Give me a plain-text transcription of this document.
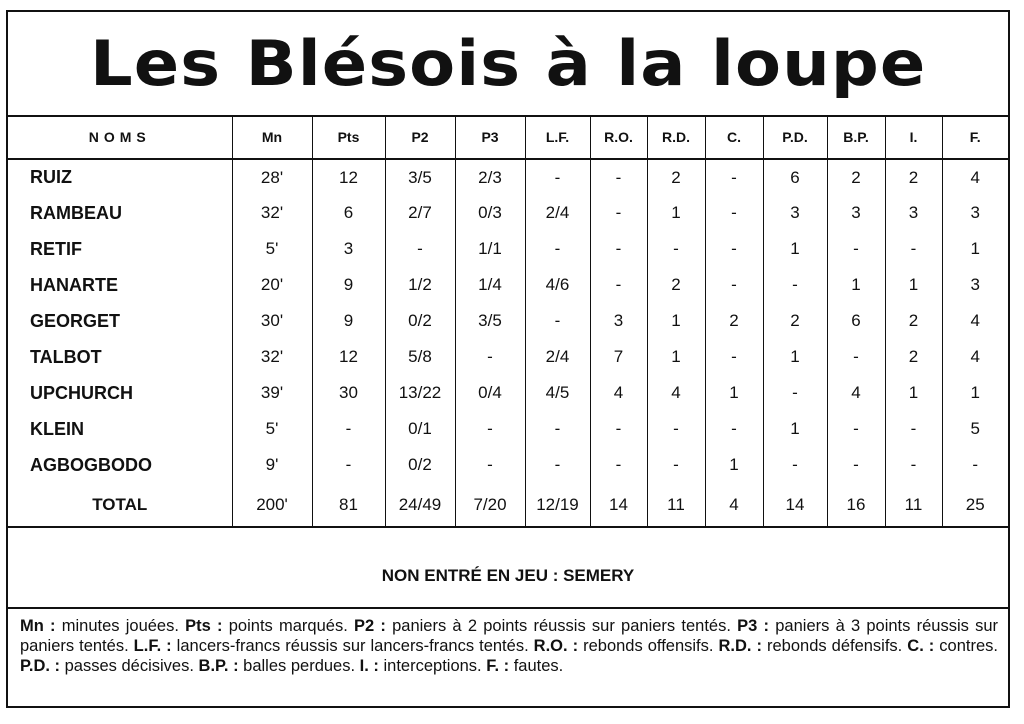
Les Blésois à la loupe
NOMS	Mn	Pts	P2	P3	L.F.	R.O.	R.D.	C.	P.D.	B.P.	I.	F.
RUIZ	28'	12	3/5	2/3	-	-	2	-	6	2	2	4
RAMBEAU	32'	6	2/7	0/3	2/4	-	1	-	3	3	3	3
RETIF	5'	3	-	1/1	-	-	-	-	1	-	-	1
HANARTE	20'	9	1/2	1/4	4/6	-	2	-	-	1	1	3
GEORGET	30'	9	0/2	3/5	-	3	1	2	2	6	2	4
TALBOT	32'	12	5/8	-	2/4	7	1	-	1	-	2	4
UPCHURCH	39'	30	13/22	0/4	4/5	4	4	1	-	4	1	1
KLEIN	5'	-	0/1	-	-	-	-	-	1	-	-	5
AGBOGBODO	9'	-	0/2	-	-	-	-	1	-	-	-	-
TOTAL	200'	81	24/49	7/20	12/19	14	11	4	14	16	11	25
NON ENTRÉ EN JEU : SEMERY
Mn : minutes jouées. Pts : points marqués. P2 : paniers à 2 points réussis sur paniers tentés. P3 : paniers à 3 points réussis sur paniers tentés. L.F. : lancers-francs réussis sur lancers-francs tentés. R.O. : rebonds offensifs. R.D. : rebonds défensifs. C. : contres. P.D. : passes décisives. B.P. : balles perdues. I. : interceptions. F. : fautes.
